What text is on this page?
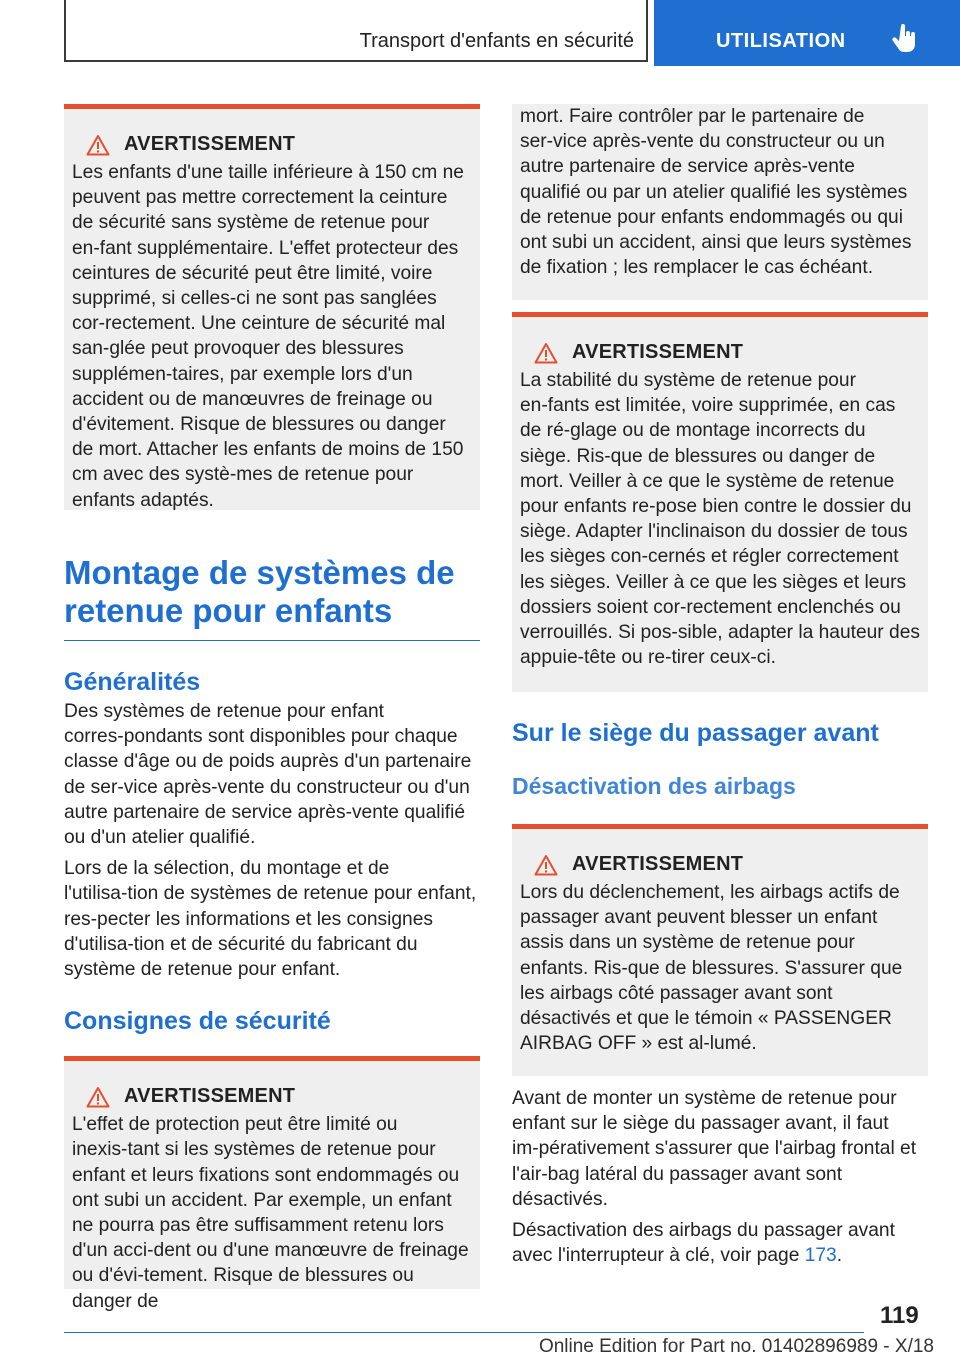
Transport d'enfants en sécurité	UTILISATION
AVERTISSEMENT

Les enfants d'une taille inférieure à 150 cm ne peuvent pas mettre correctement la ceinture de sécurité sans système de retenue pour en‑fant supplémentaire. L'effet protecteur des ceintures de sécurité peut être limité, voire supprimé, si celles‑ci ne sont pas sanglées cor‑rectement. Une ceinture de sécurité mal san‑glée peut provoquer des blessures supplémen‑taires, par exemple lors d'un accident ou de manœuvres de freinage ou d'évitement. Risque de blessures ou danger de mort. Attacher les enfants de moins de 150 cm avec des systè‑mes de retenue pour enfants adaptés.

Montage de systèmes de retenue pour enfants
Généralités

Des systèmes de retenue pour enfant corres‑pondants sont disponibles pour chaque classe d'âge ou de poids auprès d'un partenaire de ser‑vice après‑vente du constructeur ou d'un autre partenaire de service après‑vente qualifié ou d'un atelier qualifié.

Lors de la sélection, du montage et de l'utilisa‑tion de systèmes de retenue pour enfant, res‑pecter les informations et les consignes d'utilisa‑tion et de sécurité du fabricant du système de retenue pour enfant.

Consignes de sécurité
AVERTISSEMENT

L'effet de protection peut être limité ou inexis‑tant si les systèmes de retenue pour enfant et leurs fixations sont endommagés ou ont subi un accident. Par exemple, un enfant ne pourra pas être suffisamment retenu lors d'un acci‑dent ou d'une manœuvre de freinage ou d'évi‑tement. Risque de blessures ou danger de

mort. Faire contrôler par le partenaire de ser‑vice après‑vente du constructeur ou un autre partenaire de service après‑vente qualifié ou par un atelier qualifié les systèmes de retenue pour enfants endommagés ou qui ont subi un accident, ainsi que leurs systèmes de fixation ; les remplacer le cas échéant.

AVERTISSEMENT

La stabilité du système de retenue pour en‑fants est limitée, voire supprimée, en cas de ré‑glage ou de montage incorrects du siège. Ris‑que de blessures ou danger de mort. Veiller à ce que le système de retenue pour enfants re‑pose bien contre le dossier du siège. Adapter l'inclinaison du dossier de tous les sièges con‑cernés et régler correctement les sièges. Veiller à ce que les sièges et leurs dossiers soient cor‑rectement enclenchés ou verrouillés. Si pos‑sible, adapter la hauteur des appuie‑tête ou re‑tirer ceux‑ci.

Sur le siège du passager avant
Désactivation des airbags
AVERTISSEMENT

Lors du déclenchement, les airbags actifs de passager avant peuvent blesser un enfant assis dans un système de retenue pour enfants. Ris‑que de blessures. S'assurer que les airbags côté passager avant sont désactivés et que le témoin « PASSENGER AIRBAG OFF » est al‑lumé.

Avant de monter un système de retenue pour enfant sur le siège du passager avant, il faut im‑pérativement s'assurer que l'airbag frontal et l'air‑bag latéral du passager avant sont désactivés.

Désactivation des airbags du passager avant avec l'interrupteur à clé, voir page 173.

119
Online Edition for Part no. 01402896989 - X/18
